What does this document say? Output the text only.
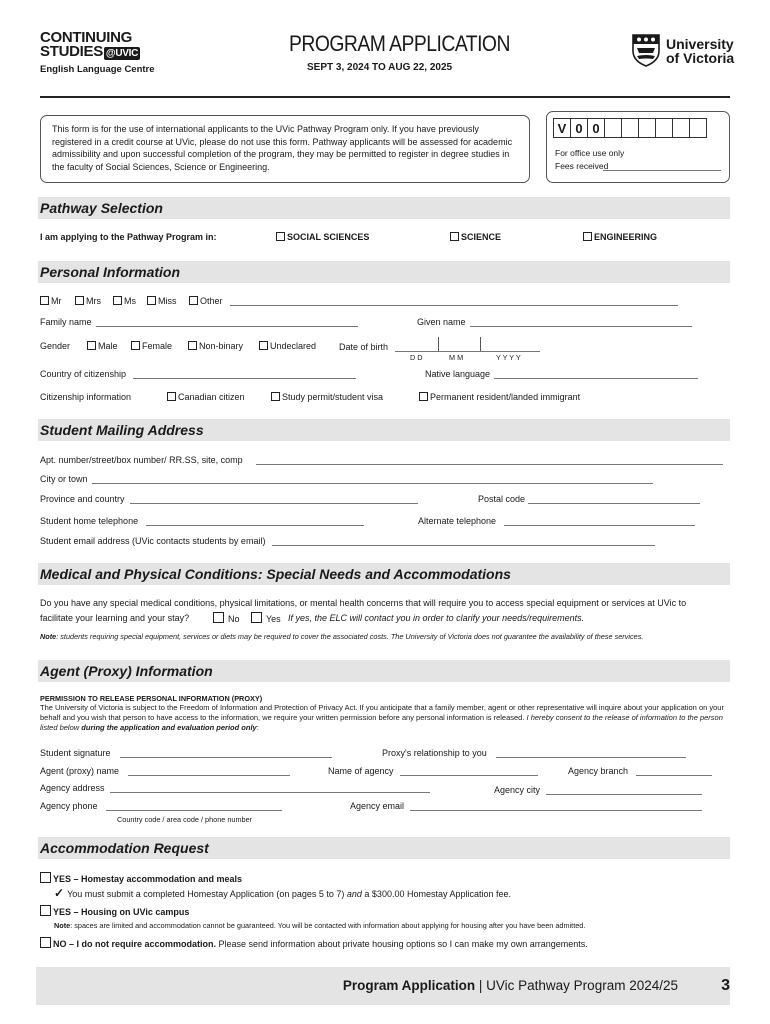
CONTINUING
STUDIES @UVIC
English Language Centre
PROGRAM APPLICATION
SEPT 3, 2024 TO AUG 22, 2025
University
of Victoria
This form is for the use of international applicants to the UVic Pathway Program only. If you have previously registered in a credit course at UVic, please do not use this form. Pathway applicants will be assessed for academic admissibility and upon successful completion of the program, they may be permitted to register in degree studies in the faculty of Social Sciences, Science or Engineering.
V 0 0
For office use only
Fees received
Pathway Selection
I am applying to the Pathway Program in:	SOCIAL SCIENCES	SCIENCE	ENGINEERING
Personal Information
Mr	Mrs	Ms	Miss	Other
Family name	Given name
Gender	Male	Female	Non-binary	Undeclared	Date of birth
D D	M M	Y Y Y Y
Country of citizenship	Native language
Citizenship information	Canadian citizen	Study permit/student visa	Permanent resident/landed immigrant
Student Mailing Address
Apt. number/street/box number/ RR.SS, site, comp
City or town
Province and country	Postal code
Student home telephone	Alternate telephone
Student email address (UVic contacts students by email)
Medical and Physical Conditions: Special Needs and Accommodations
Do you have any special medical conditions, physical limitations, or mental health concerns that will require you to access special equipment or services at UVic to
facilitate your learning and your stay?	No	Yes If yes, the ELC will contact you in order to clarify your needs/requirements.
Note: students requiring special equipment, services or diets may be required to cover the associated costs. The University of Victoria does not guarantee the availability of these services.
Agent (Proxy) Information
PERMISSION TO RELEASE PERSONAL INFORMATION (PROXY)
The University of Victoria is subject to the Freedom of Information and Protection of Privacy Act. If you anticipate that a family member, agent or other representative will inquire about your application on your behalf and you wish that person to have access to the information, we require your written permission before any personal information is released. I hereby consent to the release of information to the person listed below during the application and evaluation period only:
Student signature	Proxy's relationship to you
Agent (proxy) name	Name of agency	Agency branch
Agency address	Agency city
Agency phone	Agency email
Country code / area code / phone number
Accommodation Request
YES – Homestay accommodation and meals
✓ You must submit a completed Homestay Application (on pages 5 to 7) and a $300.00 Homestay Application fee.
YES – Housing on UVic campus
Note: spaces are limited and accommodation cannot be guaranteed. You will be contacted with information about applying for housing after you have been admitted.
NO – I do not require accommodation. Please send information about private housing options so I can make my own arrangements.
Program Application | UVic Pathway Program 2024/25	3
